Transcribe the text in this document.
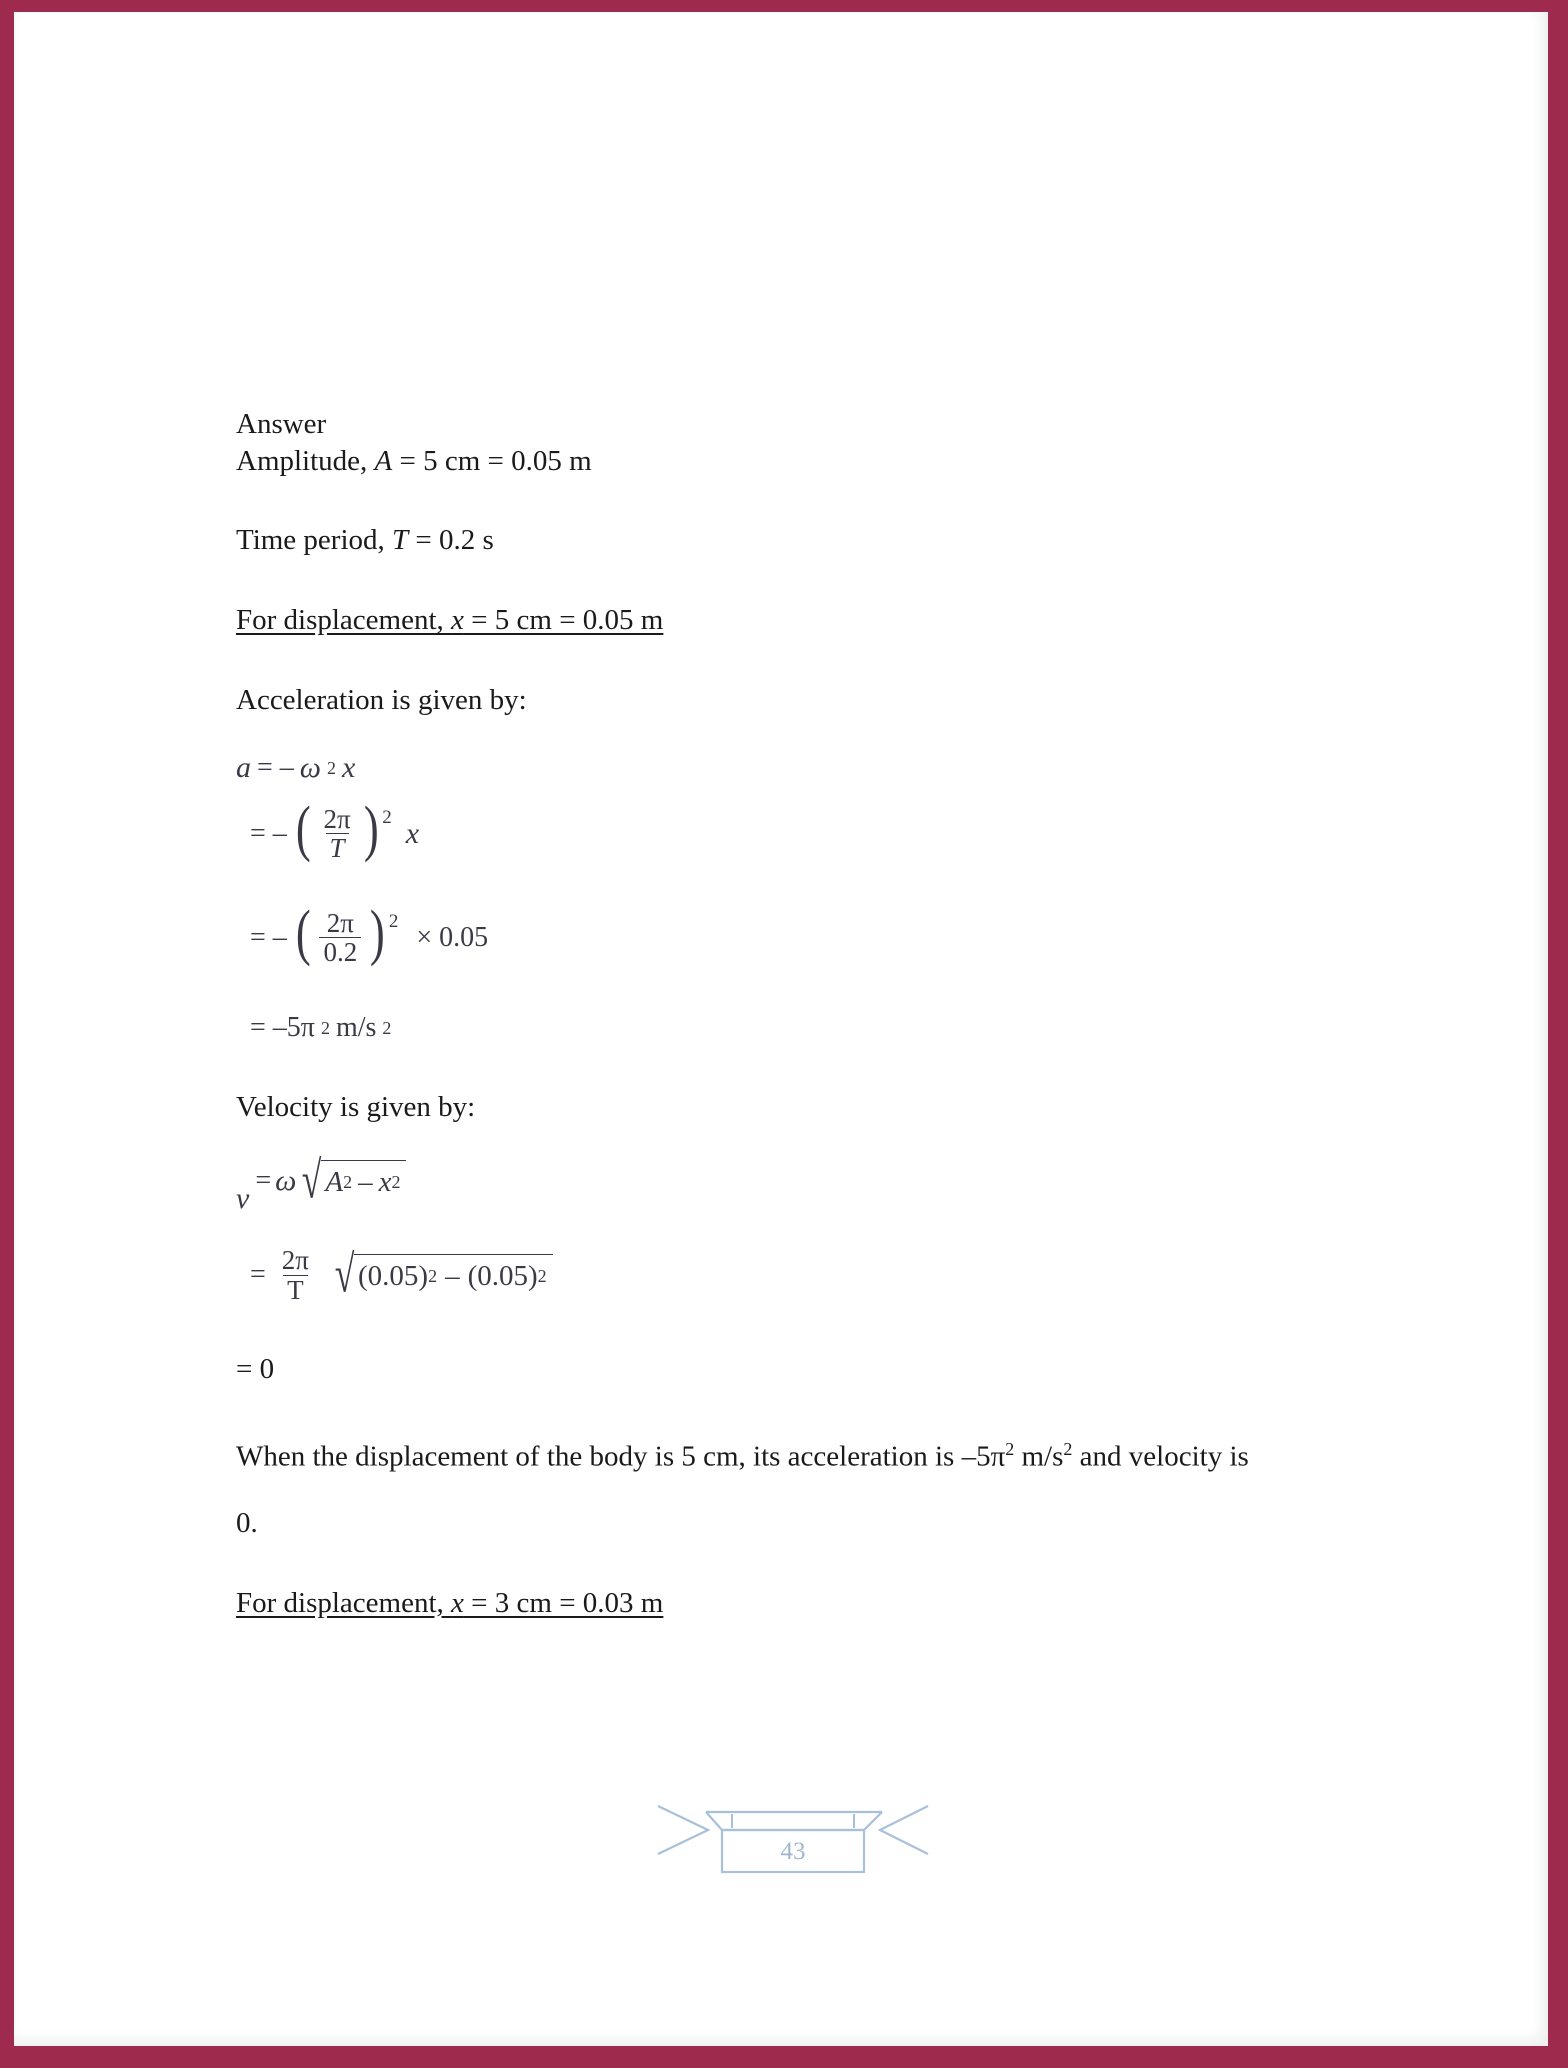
Answer
Amplitude, A = 5 cm = 0.05 m
Time period, T = 0.2 s
For displacement, x = 5 cm = 0.05 m
Acceleration is given by:
a = – ω 2 x
= – ( $\frac{2\pi}{T}$ ) 2 x
= – ( $\frac{2\pi}{0.2}$ ) 2
× 0.05
= –5π 2 m/s 2
Velocity is given by:
v
= ω √ A 2 – x 2
= $\frac{2\pi}{T}$ √ (0.05) 2 – (0.05) 2
= 0
When the displacement of the body is 5 cm, its acceleration is $-5\pi^2$ $m/s^2$ and velocity is
0.
For displacement, x = 3 cm = 0.03 m
43
